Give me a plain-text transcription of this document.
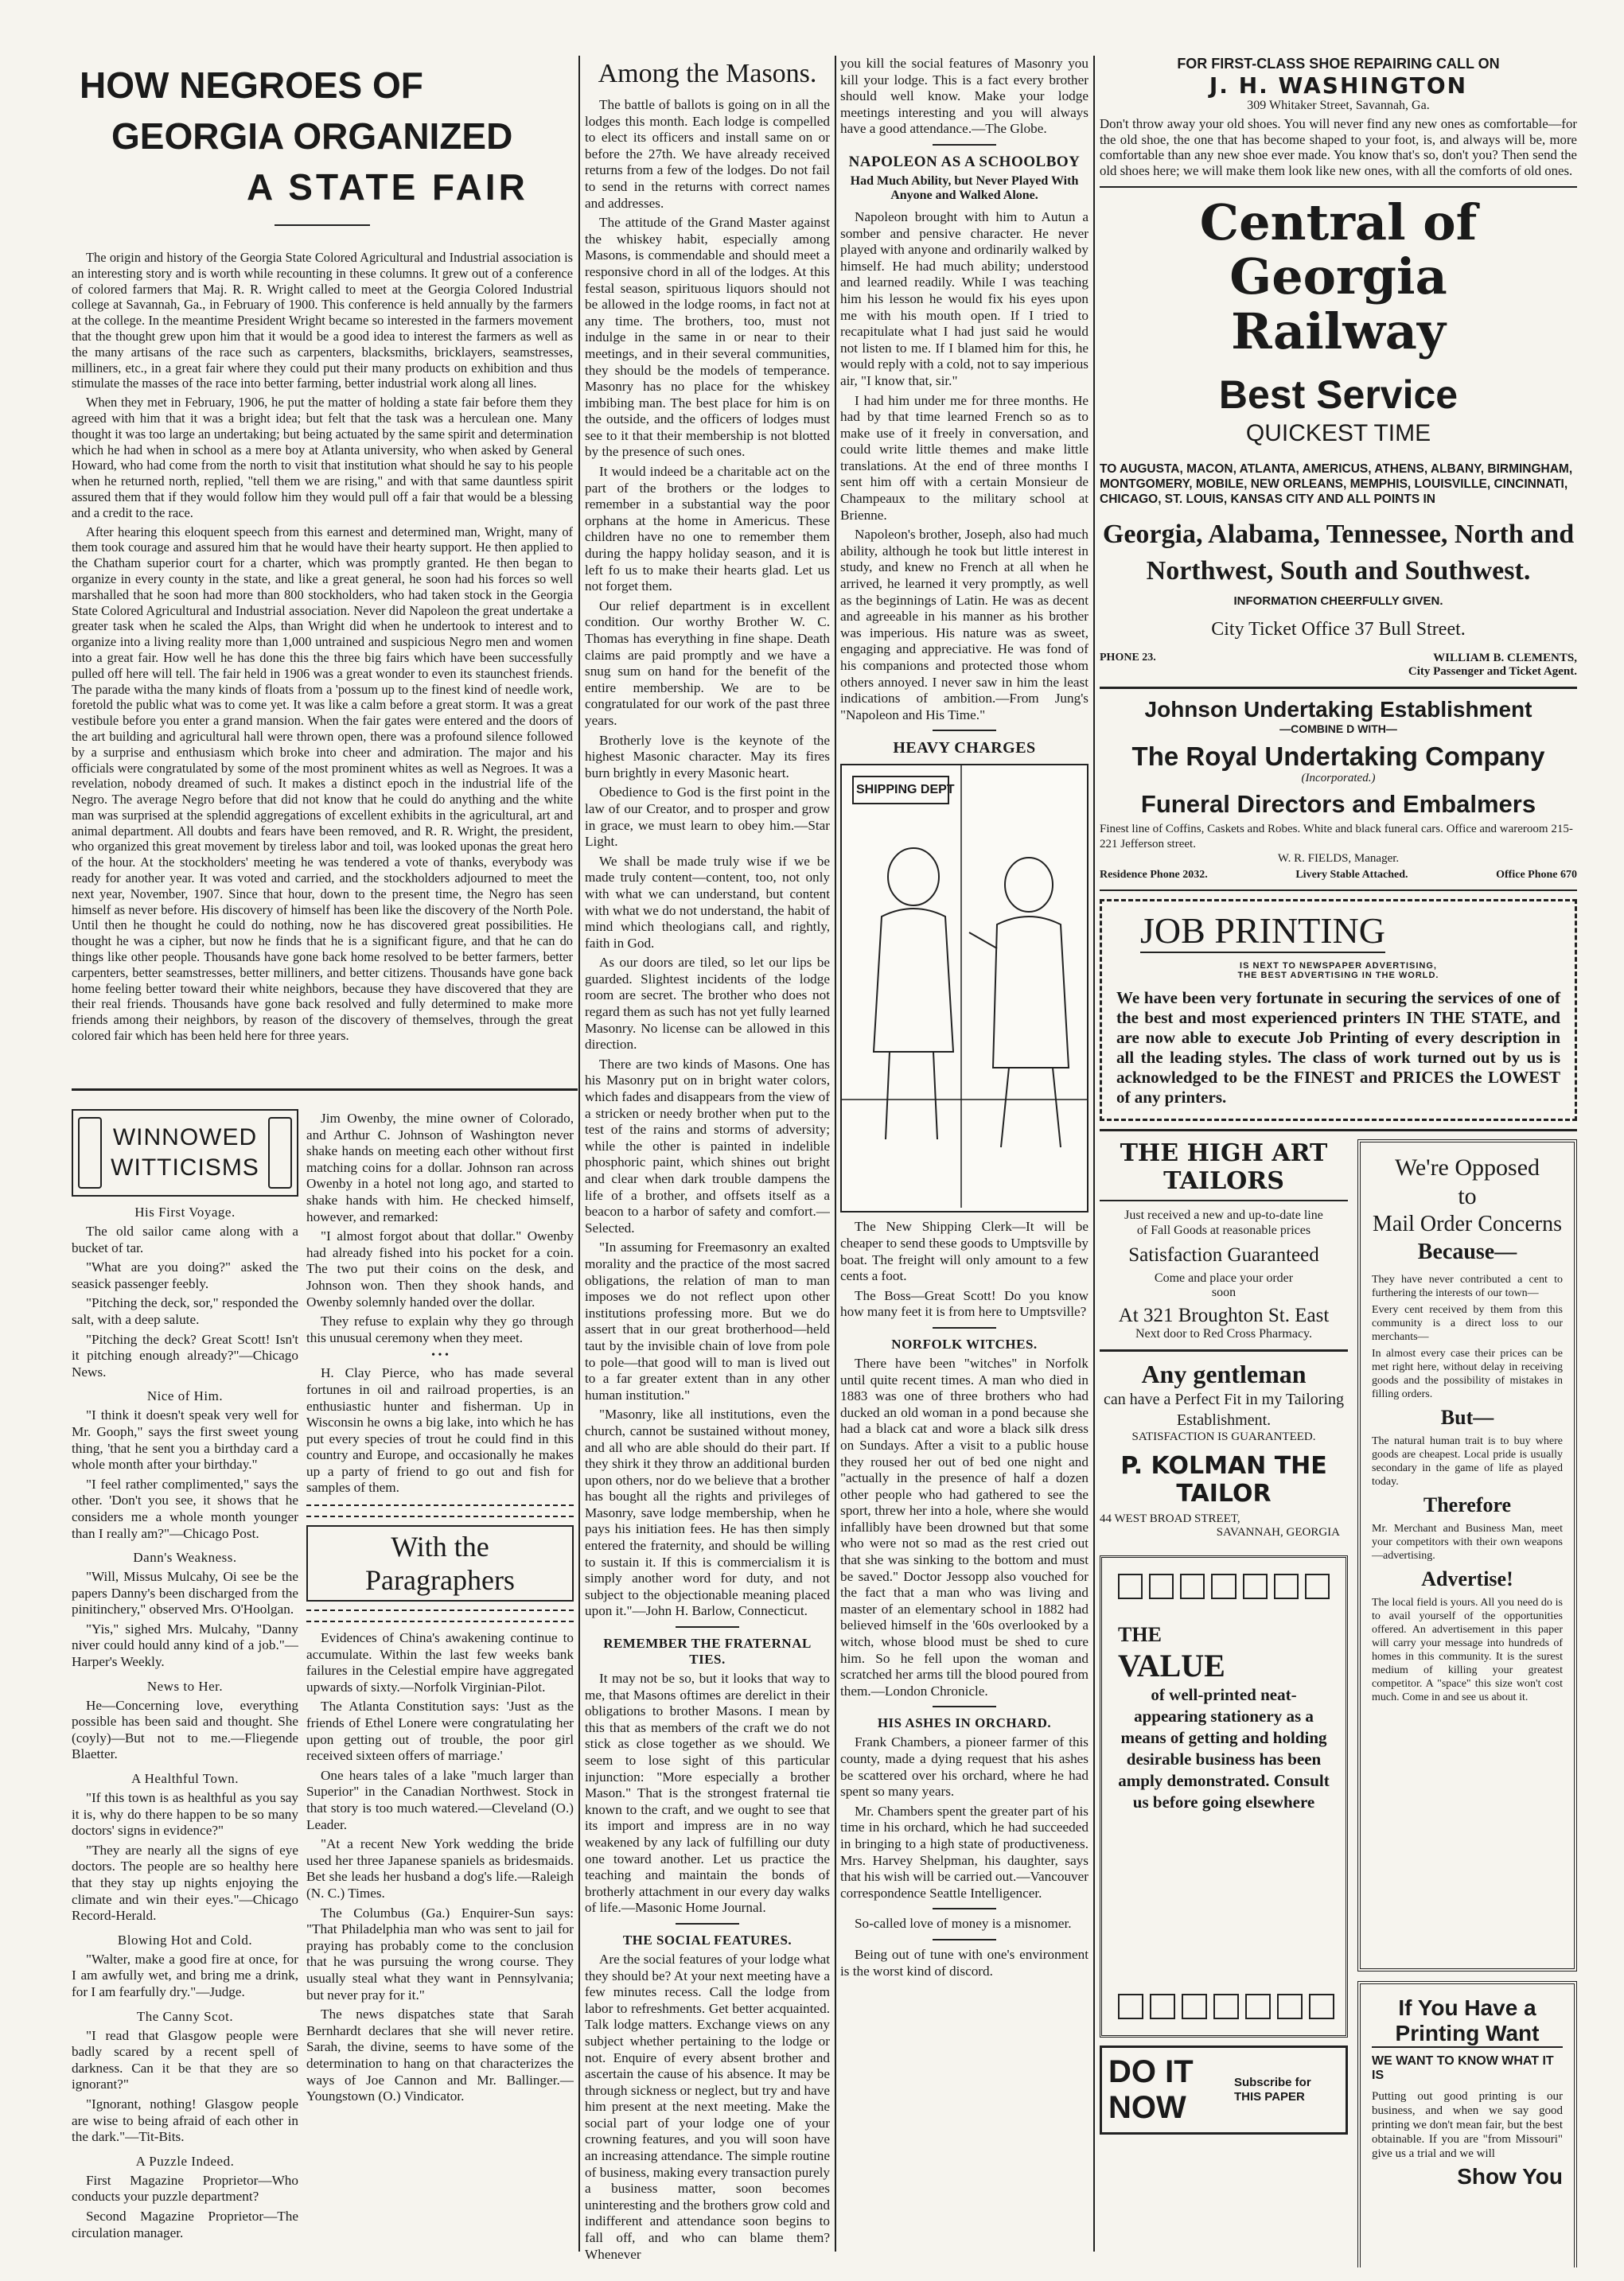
HOW NEGROES OF
GEORGIA ORGANIZED
A STATE FAIR

The origin and history of the Georgia State Colored Agricultural and Industrial association is an interesting story and is worth while recounting in these columns. It grew out of a conference of colored farmers that Maj. R. R. Wright called to meet at the Georgia Colored Industrial college at Savannah, Ga., in February of 1900. This conference is held annually by the farmers at the college. In the meantime President Wright became so interested in the farmers movement that the thought grew upon him that it would be a good idea to interest the farmers as well as the many artisans of the race such as carpenters, blacksmiths, bricklayers, seamstresses, milliners, etc., in a great fair where they could put their many products on exhibition and thus stimulate the masses of the race into better farming, better industrial work along all lines.

When they met in February, 1906, he put the matter of holding a state fair before them they agreed with him that it was a bright idea; but felt that the task was a herculean one. Many thought it was too large an undertaking; but being actuated by the same spirit and determination which he had when in school as a mere boy at Atlanta university, who when asked by General Howard, who had come from the north to visit that institution what should he say to his people when he returned north, replied, "tell them we are rising," and with that same dauntless spirit assured them that if they would follow him they would pull off a fair that would be a blessing and a credit to the race.

After hearing this eloquent speech from this earnest and determined man, Wright, many of them took courage and assured him that he would have their hearty support. He then applied to the Chatham superior court for a charter, which was promptly granted. He then began to organize in every county in the state, and like a great general, he soon had his forces so well marshalled that he soon had more than 800 stockholders, who had taken stock in the Georgia State Colored Agricultural and Industrial association. Never did Napoleon the great undertake a greater task when he scaled the Alps, than Wright did when he undertook to interest and to organize into a living reality more than 1,000 untrained and suspicious Negro men and women into a great fair. How well he has done this the three big fairs which have been successfully pulled off here will tell. The fair held in 1906 was a great wonder to even its staunchest friends. The parade witha the many kinds of floats from a 'possum up to the finest kind of needle work, foretold the public what was to come yet. It was like a calm before a great storm. It was a great vestibule before you enter a grand mansion. When the fair gates were entered and the doors of the art building and agricultural hall were thrown open, there was a profound silence followed by a surprise and enthusiasm which broke into cheer and admiration. The major and his officials were congratulated by some of the most prominent whites as well as Negroes. It was a revelation, nobody dreamed of such. It makes a distinct epoch in the industrial life of the Negro. The average Negro before that did not know that he could do anything and the white man was surprised at the splendid aggregations of excellent exhibits in the agricultural, art and animal department. All doubts and fears have been removed, and R. R. Wright, the president, who organized this great movement by tireless labor and toil, was looked uponas the great hero of the hour. At the stockholders' meeting he was tendered a vote of thanks, everybody was ready for another year. It was voted and carried, and the stockholders adjourned to meet the next year, November, 1907. Since that hour, down to the present time, the Negro has seen himself as never before. His discovery of himself has been like the discovery of the North Pole. Until then he thought he could do nothing, now he has discovered great possibilities. He thought he was a cipher, but now he finds that he is a significant figure, and that he can do things like other people. Thousands have gone back home resolved to be better farmers, better carpenters, better seamstresses, better milliners, and better citizens. Thousands have gone back home feeling better toward their white neighbors, because they have discovered that they are their real friends. Thousands have gone back resolved and fully determined to make more friends among their neighbors, by reason of the discovery of themselves, through the great colored fair which has been held here for three years.

WINNOWED
WITTICISMS
His First Voyage.

The old sailor came along with a bucket of tar.

"What are you doing?" asked the seasick passenger feebly.

"Pitching the deck, sor," responded the salt, with a deep salute.

"Pitching the deck? Great Scott! Isn't it pitching enough already?"—Chicago News.

Nice of Him.

"I think it doesn't speak very well for Mr. Gooph," says the first sweet young thing, 'that he sent you a birthday card a whole month after your birthday."

"I feel rather complimented," says the other. 'Don't you see, it shows that he considers me a whole month younger than I really am?"—Chicago Post.

Dann's Weakness.

"Will, Missus Mulcahy, Oi see be the papers Danny's been discharged from the pinitinchery," observed Mrs. O'Hoolgan.

"Yis," sighed Mrs. Mulcahy, "Danny niver could hould anny kind of a job."—Harper's Weekly.

News to Her.

He—Concerning love, everything possible has been said and thought. She (coyly)—But not to me.—Fliegende Blaetter.

A Healthful Town.

"If this town is as healthful as you say it is, why do there happen to be so many doctors' signs in evidence?"

"They are nearly all the signs of eye doctors. The people are so healthy here that they stay up nights enjoying the climate and win their eyes."—Chicago Record-Herald.

Blowing Hot and Cold.

"Walter, make a good fire at once, for I am awfully wet, and bring me a drink, for I am fearfully dry."—Judge.

The Canny Scot.

"I read that Glasgow people were badly scared by a recent spell of darkness. Can it be that they are so ignorant?"

"Ignorant, nothing! Glasgow people are wise to being afraid of each other in the dark."—Tit-Bits.

A Puzzle Indeed.

First Magazine Proprietor—Who conducts your puzzle department?

Second Magazine Proprietor—The circulation manager.

Jim Owenby, the mine owner of Colorado, and Arthur C. Johnson of Washington never shake hands on meeting each other without first matching coins for a dollar. Johnson ran across Owenby in a hotel not long ago, and started to shake hands with him. He checked himself, however, and remarked:

"I almost forgot about that dollar." Owenby had already fished into his pocket for a coin. The two put their coins on the desk, and Johnson won. Then they shook hands, and Owenby solemnly handed over the dollar.

They refuse to explain why they go through this unusual ceremony when they meet.

• • •

H. Clay Pierce, who has made several fortunes in oil and railroad properties, is an enthusiastic hunter and fisherman. Up in Wisconsin he owns a big lake, into which he has put every species of trout he could find in this country and Europe, and occasionally he makes up a party of friend to go out and fish for samples of them.

With the Paragraphers

Evidences of China's awakening continue to accumulate. Within the last few weeks bank failures in the Celestial empire have aggregated upwards of sixty.—Norfolk Virginian-Pilot.

The Atlanta Constitution says: 'Just as the friends of Ethel Lonere were congratulating her upon getting out of trouble, the poor girl received sixteen offers of marriage.'

One hears tales of a lake "much larger than Superior" in the Canadian Northwest. Stock in that story is too much watered.—Cleveland (O.) Leader.

"At a recent New York wedding the bride used her three Japanese spaniels as bridesmaids. Bet she leads her husband a dog's life.—Raleigh (N. C.) Times.

The Columbus (Ga.) Enquirer-Sun says: "That Philadelphia man who was sent to jail for praying has probably come to the conclusion that he was pursuing the wrong course. They usually steal what they want in Pennsylvania; but never pray for it."

The news dispatches state that Sarah Bernhardt declares that she will never retire. Sarah, the divine, seems to have some of the determination to hang on that characterizes the ways of Joe Cannon and Mr. Ballinger.—Youngstown (O.) Vindicator.

Among the Masons.

The battle of ballots is going on in all the lodges this month. Each lodge is compelled to elect its officers and install same on or before the 27th. We have already received returns from a few of the lodges. Do not fail to send in the returns with correct names and addresses.

The attitude of the Grand Master against the whiskey habit, especially among Masons, is commendable and should meet a responsive chord in all of the lodges. At this festal season, spirituous liquors should not be allowed in the lodge rooms, in fact not at any time. The brothers, too, must not indulge in the same in or near to their meetings, and in their several communities, they should be the models of temperance. Masonry has no place for the whiskey imbibing man. The best place for him is on the outside, and the officers of lodges must see to it that their membership is not blotted by the presence of such ones.

It would indeed be a charitable act on the part of the brothers or the lodges to remember in a substantial way the poor orphans at the home in Americus. These children have no one to remember them during the happy holiday season, and it is left fo us to make their hearts glad. Let us not forget them.

Our relief department is in excellent condition. Our worthy Brother W. C. Thomas has everything in fine shape. Death claims are paid promptly and we have a snug sum on hand for the benefit of the entire membership. We are to be congratulated for our work of the past three years.

Brotherly love is the keynote of the highest Masonic character. May its fires burn brightly in every Masonic heart.

Obedience to God is the first point in the law of our Creator, and to prosper and grow in grace, we must learn to obey him.—Star Light.

We shall be made truly wise if we be made truly content—content, too, not only with what we can understand, but content with what we do not understand, the habit of mind which theologians call, and rightly, faith in God.

As our doors are tiled, so let our lips be guarded. Slightest incidents of the lodge room are secret. The brother who does not regard them as such has not yet fully learned Masonry. No license can be allowed in this direction.

There are two kinds of Masons. One has his Masonry put on in bright water colors, which fades and disappears from the view of a stricken or needy brother when put to the test of the rains and storms of adversity; while the other is painted in indelible phosphoric paint, which shines out bright and clear when dark trouble dampens the life of a brother, and offsets itself as a beacon to a harbor of safety and comfort.—Selected.

"In assuming for Freemasonry an exalted morality and the practice of the most sacred obligations, the relation of man to man imposes we do not reflect upon other institutions professing more. But we do assert that in our great brotherhood—held taut by the invisible chain of love from pole to pole—that good will to man is lived out to a far greater extent than in any other human institution."

"Masonry, like all institutions, even the church, cannot be sustained without money, and all who are able should do their part. If they shirk it they throw an additional burden upon others, nor do we believe that a brother has bought all the rights and privileges of Masonry, save lodge membership, when he pays his initiation fees. He has then simply entered the fraternity, and should be willing to sustain it. If this is commercialism it is simply another word for duty, and not subject to the objectionable meaning placed upon it."—John H. Barlow, Connecticut.

REMEMBER THE FRATERNAL TIES.

It may not be so, but it looks that way to me, that Masons oftimes are derelict in their obligations to brother Masons. I mean by this that as members of the craft we do not stick as close together as we should. We seem to lose sight of this particular injunction: "More especially a brother Mason." That is the strongest fraternal tie known to the craft, and we ought to see that its import and impress are in no way weakened by any lack of fulfilling our duty one toward another. Let us practice the teaching and maintain the bonds of brotherly attachment in our every day walks of life.—Masonic Home Journal.

THE SOCIAL FEATURES.

Are the social features of your lodge what they should be? At your next meeting have a few minutes recess. Call the lodge from labor to refreshments. Get better acquainted. Talk lodge matters. Exchange views on any subject whether pertaining to the lodge or not. Enquire of every absent brother and ascertain the cause of his absence. It may be through sickness or neglect, but try and have him present at the next meeting. Make the social part of your lodge one of your crowning features, and you will soon have an increasing attendance. The simple routine of business, making every transaction purely a business matter, soon becomes uninteresting and the brothers grow cold and indifferent and attendance soon begins to fall off, and who can blame them? Whenever

you kill the social features of Masonry you kill your lodge. This is a fact every brother should well know. Make your lodge meetings interesting and you will always have a good attendance.—The Globe.

NAPOLEON AS A SCHOOLBOY
Had Much Ability, but Never Played With Anyone and Walked Alone.

Napoleon brought with him to Autun a somber and pensive character. He never played with anyone and ordinarily walked by himself. He had much ability; understood and learned readily. While I was teaching him his lesson he would fix his eyes upon me with his mouth open. If I tried to recapitulate what I had just said he would not listen to me. If I blamed him for this, he would reply with a cold, not to say imperious air, "I know that, sir."

I had him under me for three months. He had by that time learned French so as to make use of it freely in conversation, and could write little themes and make little translations. At the end of three months I sent him off with a certain Monsieur de Champeaux to the military school at Brienne.

Napoleon's brother, Joseph, also had much ability, although he took but little interest in study, and knew no French at all when he arrived, he learned it very promptly, as well as the beginnings of Latin. He was as decent and agreeable in his manner as his brother was imperious. His nature was as sweet, engaging and appreciative. He was fond of his companions and protected those whom others annoyed. I never saw in him the least indications of ambition.—From Jung's "Napoleon and His Time."

HEAVY CHARGES
SHIPPING DEPT

The New Shipping Clerk—It will be cheaper to send these goods to Umptsville by boat. The freight will only amount to a few cents a foot.

The Boss—Great Scott! Do you know how many feet it is from here to Umptsville?

NORFOLK WITCHES.

There have been "witches" in Norfolk until quite recent times. A man who died in 1883 was one of three brothers who had ducked an old woman in a pond because she had a black cat and wore a black silk dress on Sundays. After a visit to a public house they roused her out of bed one night and "actually in the presence of half a dozen other people who had gathered to see the sport, threw her into a hole, where she would infallibly have been drowned but that some who were not so mad as the rest cried out that she was sinking to the bottom and must be saved." Doctor Jessopp also vouched for the fact that a man who was living and master of an elementary school in 1882 had believed himself in the '60s overlooked by a witch, whose blood must be shed to cure him. So he fell upon the woman and scratched her arms till the blood poured from them.—London Chronicle.

HIS ASHES IN ORCHARD.

Frank Chambers, a pioneer farmer of this county, made a dying request that his ashes be scattered over his orchard, where he had spent so many years.

Mr. Chambers spent the greater part of his time in his orchard, which he had succeeded in bringing to a high state of productiveness. Mrs. Harvey Shelpman, his daughter, says that his wish will be carried out.—Vancouver correspondence Seattle Intelligencer.

So-called love of money is a misnomer.

Being out of tune with one's environment is the worst kind of discord.

FOR FIRST-CLASS SHOE REPAIRING CALL ON
J. H. WASHINGTON
309 Whitaker Street, Savannah, Ga.

Don't throw away your old shoes. You will never find any new ones as comfortable—for the old shoe, the one that has become shaped to your foot, is, and always will be, more comfortable than any new shoe ever made. You know that's so, don't you? Then send the old shoes here; we will make them look like new ones, with all the comforts of old ones.

Central of Georgia
Railway
Best Service
QUICKEST TIME
TO AUGUSTA, MACON, ATLANTA, AMERICUS, ATHENS, ALBANY, BIRMINGHAM, MONTGOMERY, MOBILE, NEW ORLEANS, MEMPHIS, LOUISVILLE, CINCINNATI, CHICAGO, ST. LOUIS, KANSAS CITY AND ALL POINTS IN
Georgia, Alabama, Tennessee, North and Northwest, South and Southwest.
INFORMATION CHEERFULLY GIVEN.
City Ticket Office 37 Bull Street.
PHONE 23.	WILLIAM B. CLEMENTS,
City Passenger and Ticket Agent.
Johnson Undertaking Establishment
—COMBINE D WITH—
The Royal Undertaking Company
(Incorporated.)
Funeral Directors and Embalmers
Finest line of Coffins, Caskets and Robes. White and black funeral cars. Office and wareroom 215-221 Jefferson street.
W. R. FIELDS, Manager.
Residence Phone 2032.	Livery Stable Attached.	Office Phone 670
JOB PRINTING
IS NEXT TO NEWSPAPER ADVERTISING,
THE BEST ADVERTISING IN THE WORLD.

We have been very fortunate in securing the services of one of the best and most experienced printers IN THE STATE, and are now able to execute Job Printing of every description in all the leading styles. The class of work turned out by us is acknowledged to be the FINEST and PRICES the LOWEST of any printers.

THE HIGH ART TAILORS
Just received a new and up-to-date line of Fall Goods at reasonable prices
Satisfaction Guaranteed
Come and place your order soon
At 321 Broughton St. East
Next door to Red Cross Pharmacy.
Any gentleman
can have a Perfect Fit in my Tailoring Establishment.
SATISFACTION IS GUARANTEED.
P. KOLMAN THE TAILOR
44 WEST BROAD STREET,
SAVANNAH, GEORGIA
THE
VALUE
of well-printed neat-appearing stationery as a means of getting and holding desirable business has been amply demonstrated. Consult us before going elsewhere
DO IT NOW
Subscribe for THIS PAPER
We're Opposed
to
Mail Order Concerns
Because—

They have never contributed a cent to furthering the interests of our town—

Every cent received by them from this community is a direct loss to our merchants—

In almost every case their prices can be met right here, without delay in receiving goods and the possibility of mistakes in filling orders.

But—

The natural human trait is to buy where goods are cheapest. Local pride is usually secondary in the game of life as played today.

Therefore

Mr. Merchant and Business Man, meet your competitors with their own weapons—advertising.

Advertise!

The local field is yours. All you need do is to avail yourself of the opportunities offered. An advertisement in this paper will carry your message into hundreds of homes in this community. It is the surest medium of killing your greatest competitor. A "space" this size won't cost much. Come in and see us about it.

If You Have a
Printing Want
WE WANT TO KNOW WHAT IT IS

Putting out good printing is our business, and when we say good printing we don't mean fair, but the best obtainable. If you are "from Missouri" give us a trial and we will

Show You
